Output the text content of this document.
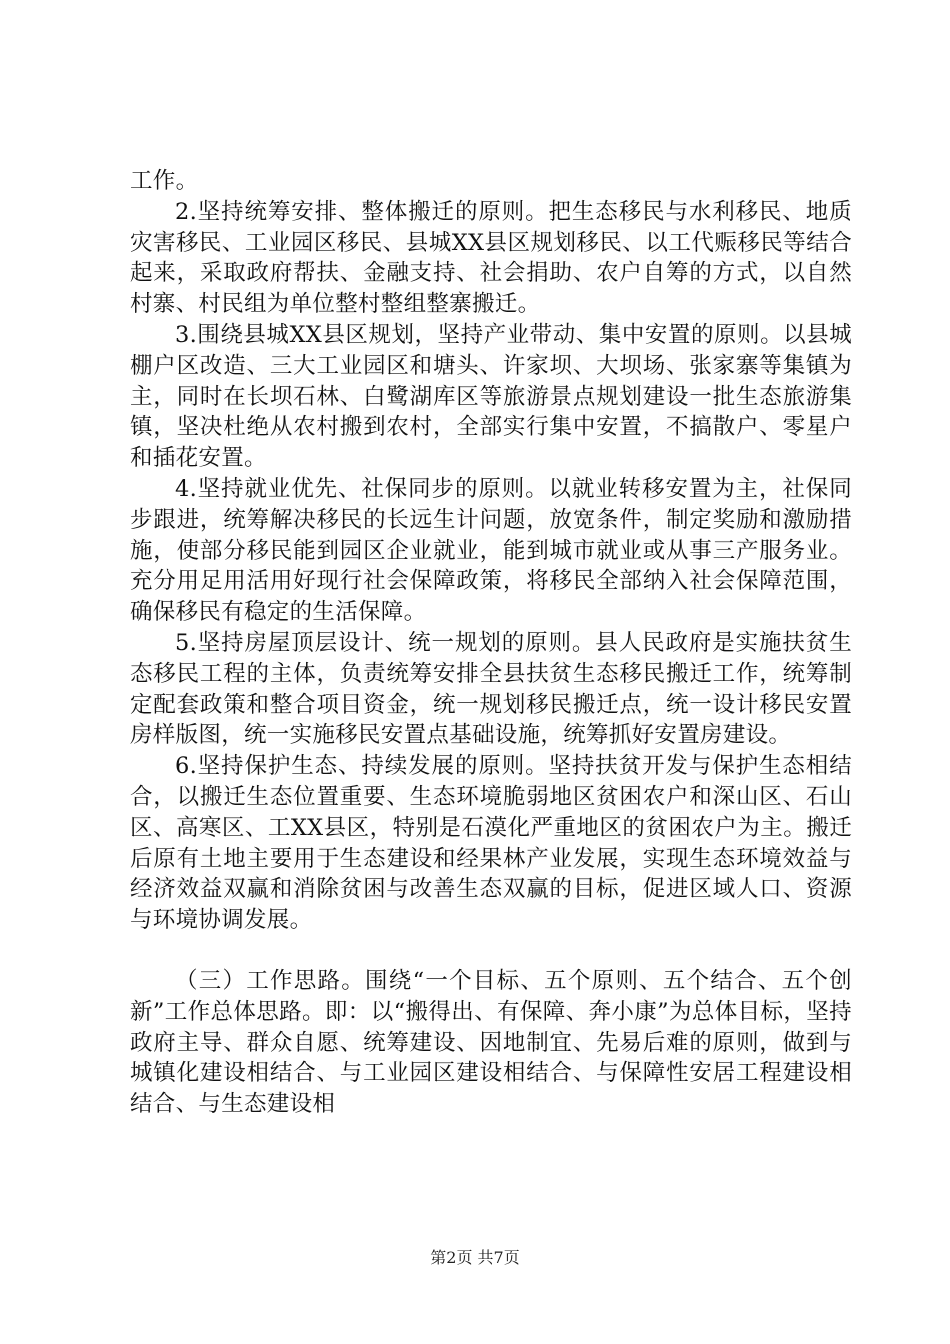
工作。

2.坚持统筹安排、整体搬迁的原则。把生态移民与水利移民、地质灾害移民、工业园区移民、县城XX县区规划移民、以工代赈移民等结合起来，采取政府帮扶、金融支持、社会捐助、农户自筹的方式，以自然村寨、村民组为单位整村整组整寨搬迁。

3.围绕县城XX县区规划，坚持产业带动、集中安置的原则。以县城棚户区改造、三大工业园区和塘头、许家坝、大坝场、张家寨等集镇为主，同时在长坝石林、白鹭湖库区等旅游景点规划建设一批生态旅游集镇，坚决杜绝从农村搬到农村，全部实行集中安置，不搞散户、零星户和插花安置。

4.坚持就业优先、社保同步的原则。以就业转移安置为主，社保同步跟进，统筹解决移民的长远生计问题，放宽条件，制定奖励和激励措施，使部分移民能到园区企业就业，能到城市就业或从事三产服务业。充分用足用活用好现行社会保障政策，将移民全部纳入社会保障范围，确保移民有稳定的生活保障。

5.坚持房屋顶层设计、统一规划的原则。县人民政府是实施扶贫生态移民工程的主体，负责统筹安排全县扶贫生态移民搬迁工作，统筹制定配套政策和整合项目资金，统一规划移民搬迁点，统一设计移民安置房样版图，统一实施移民安置点基础设施，统筹抓好安置房建设。

6.坚持保护生态、持续发展的原则。坚持扶贫开发与保护生态相结合，以搬迁生态位置重要、生态环境脆弱地区贫困农户和深山区、石山区、高寒区、工XX县区，特别是石漠化严重地区的贫困农户为主。搬迁后原有土地主要用于生态建设和经果林产业发展，实现生态环境效益与经济效益双赢和消除贫困与改善生态双赢的目标，促进区域人口、资源与环境协调发展。

（三）工作思路。围绕“一个目标、五个原则、五个结合、五个创新”工作总体思路。即：以“搬得出、有保障、奔小康”为总体目标，坚持政府主导、群众自愿、统筹建设、因地制宜、先易后难的原则，做到与城镇化建设相结合、与工业园区建设相结合、与保障性安居工程建设相结合、与生态建设相

第2页 共7页
